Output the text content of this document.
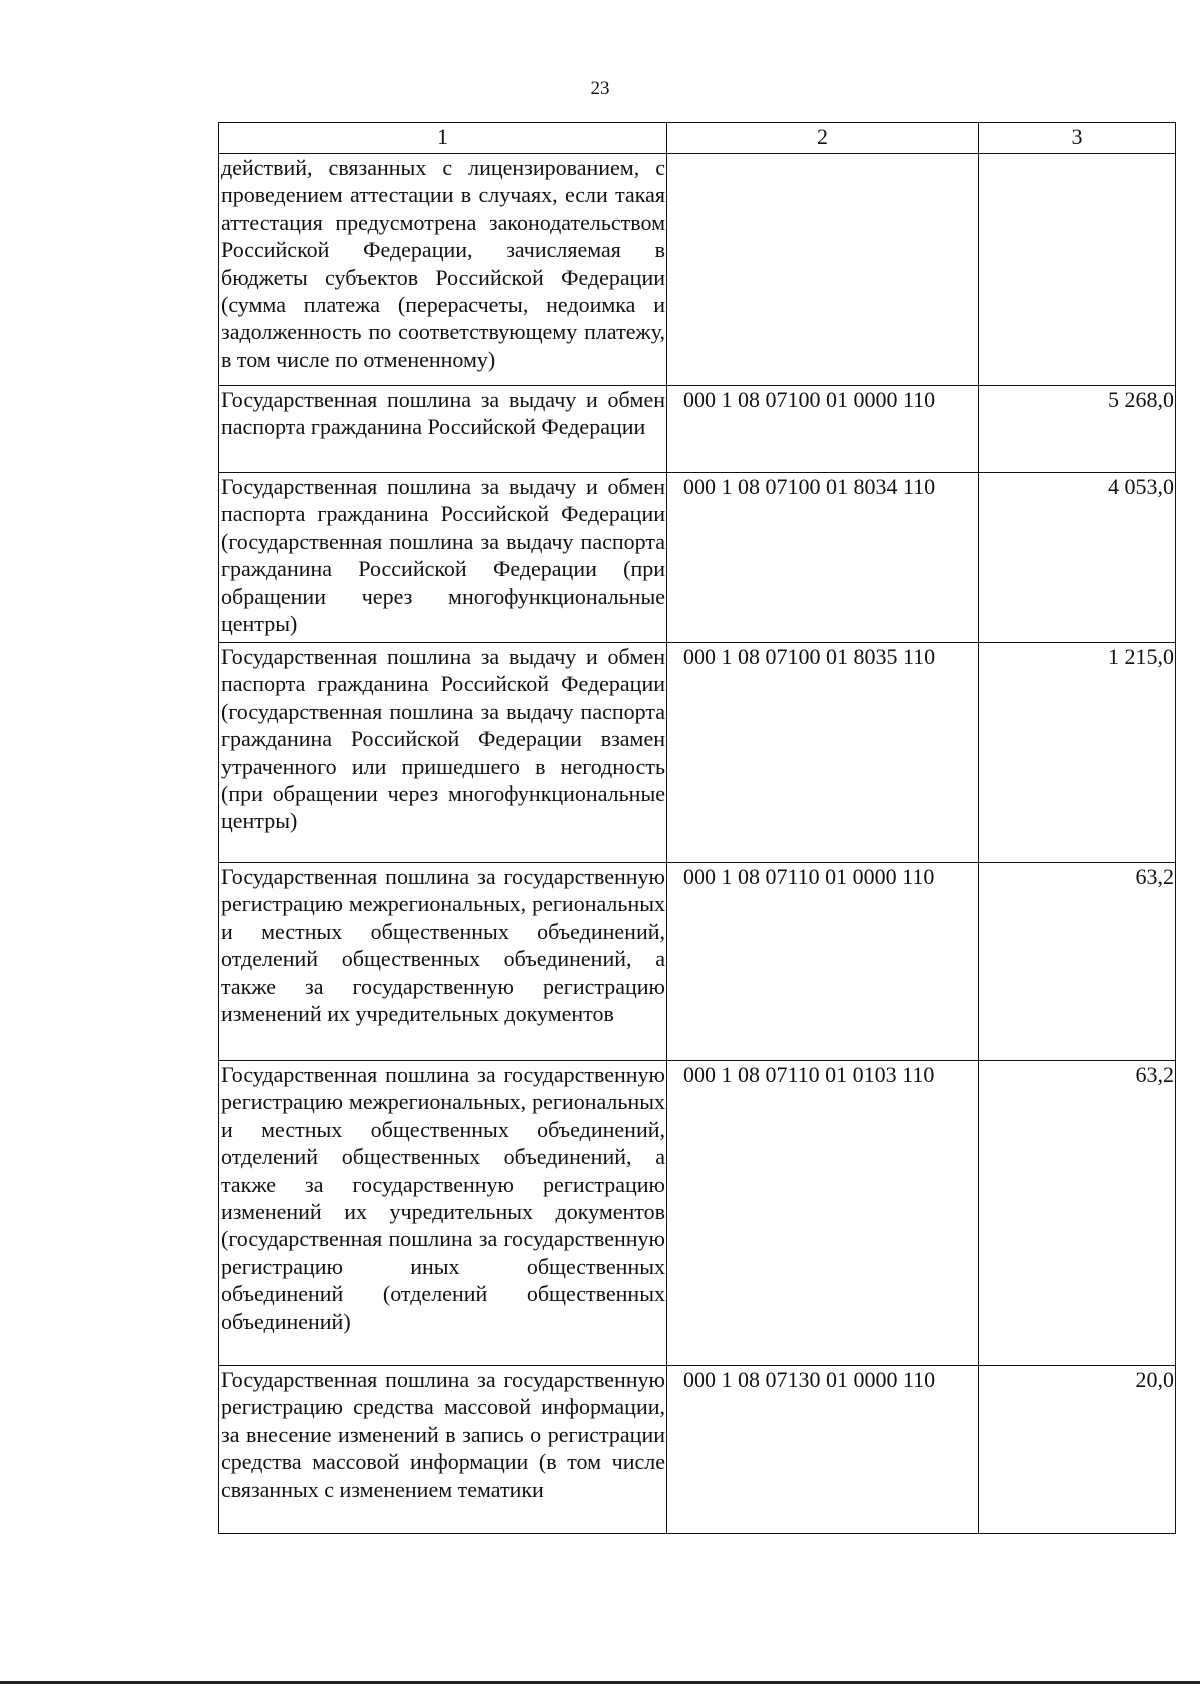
23
1	2	3
действий, связанных с лицензированием, с проведением аттестации в случаях, если такая аттестация предусмотрена законодательством Российской Федерации, зачисляемая в бюджеты субъектов Российской Федерации (сумма платежа (перерасчеты, недоимка и задолженность по соответствующему платежу, в том числе по отмененному)		
Государственная пошлина за выдачу и обмен паспорта гражданина Российской Федерации	000 1 08 07100 01 0000 110	5 268,0
Государственная пошлина за выдачу и обмен паспорта гражданина Российской Федерации (государственная пошлина за выдачу паспорта гражданина Российской Федерации (при обращении через многофункциональные центры)	000 1 08 07100 01 8034 110	4 053,0
Государственная пошлина за выдачу и обмен паспорта гражданина Российской Федерации (государственная пошлина за выдачу паспорта гражданина Российской Федерации взамен утраченного или пришедшего в негодность (при обращении через многофункциональные центры)	000 1 08 07100 01 8035 110	1 215,0
Государственная пошлина за государственную регистрацию межрегиональных, региональных и местных общественных объединений, отделений общественных объединений, а также за государственную регистрацию изменений их учредительных документов	000 1 08 07110 01 0000 110	63,2
Государственная пошлина за государственную регистрацию межрегиональных, региональных и местных общественных объединений, отделений общественных объединений, а также за государственную регистрацию изменений их учредительных документов (государственная пошлина за государственную регистрацию иных общественных объединений (отделений общественных объединений)	000 1 08 07110 01 0103 110	63,2
Государственная пошлина за государственную регистрацию средства массовой информации, за внесение изменений в запись о регистрации средства массовой информации (в том числе связанных с изменением тематики	000 1 08 07130 01 0000 110	20,0
